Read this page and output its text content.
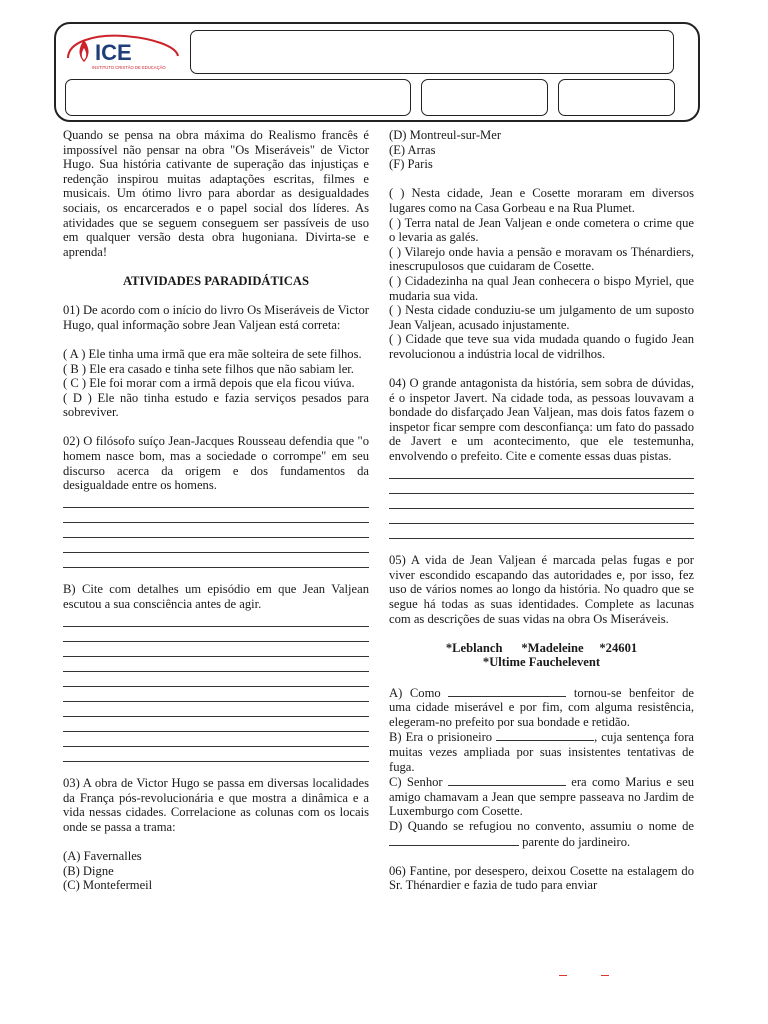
ICE
INSTITUTO CRISTÃO DE EDUCAÇÃO

Quando se pensa na obra máxima do Realismo francês é impossível não pensar na obra "Os Miseráveis" de Victor Hugo. Sua história cativante de superação das injustiças e redenção inspirou muitas adaptações escritas, filmes e musicais. Um ótimo livro para abordar as desigualdades sociais, os encarcerados e o papel social dos líderes. As atividades que se seguem conseguem ser passíveis de uso em qualquer versão desta obra hugoniana. Divirta-se e aprenda!

ATIVIDADES PARADIDÁTICAS

01) De acordo com o início do livro Os Miseráveis de Victor Hugo, qual informação sobre Jean Valjean está correta:

( A ) Ele tinha uma irmã que era mãe solteira de sete filhos.

( B ) Ele era casado e tinha sete filhos que não sabiam ler.

( C ) Ele foi morar com a irmã depois que ela ficou viúva.

( D ) Ele não tinha estudo e fazia serviços pesados para sobreviver.

02) O filósofo suíço Jean-Jacques Rousseau defendia que "o homem nasce bom, mas a sociedade o corrompe" em seu discurso acerca da origem e dos fundamentos da desigualdade entre os homens.

B) Cite com detalhes um episódio em que Jean Valjean escutou a sua consciência antes de agir.

03) A obra de Victor Hugo se passa em diversas localidades da França pós-revolucionária e que mostra a dinâmica e a vida nessas cidades. Correlacione as colunas com os locais onde se passa a trama:

(A) Favernalles

(B) Digne

(C) Montefermeil

(D) Montreul-sur-Mer

(E) Arras

(F) Paris

( ) Nesta cidade, Jean e Cosette moraram em diversos lugares como na Casa Gorbeau e na Rua Plumet.

( ) Terra natal de Jean Valjean e onde cometera o crime que o levaria as galés.

( ) Vilarejo onde havia a pensão e moravam os Thénardiers, inescrupulosos que cuidaram de Cosette.

( ) Cidadezinha na qual Jean conhecera o bispo Myriel, que mudaria sua vida.

( ) Nesta cidade conduziu-se um julgamento de um suposto Jean Valjean, acusado injustamente.

( ) Cidade que teve sua vida mudada quando o fugido Jean revolucionou a indústria local de vidrilhos.

04) O grande antagonista da história, sem sobra de dúvidas, é o inspetor Javert. Na cidade toda, as pessoas louvavam a bondade do disfarçado Jean Valjean, mas dois fatos fazem o inspetor ficar sempre com desconfiança: um fato do passado de Javert e um acontecimento, que ele testemunha, envolvendo o prefeito. Cite e comente essas duas pistas.

05) A vida de Jean Valjean é marcada pelas fugas e por viver escondido escapando das autoridades e, por isso, fez uso de vários nomes ao longo da história. No quadro que se segue há todas as suas identidades. Complete as lacunas com as descrições de suas vidas na obra Os Miseráveis.

*Leblanch      *Madeleine     *24601

*Ultime Fauchelevent

A) Como	tornou-se benfeitor de uma cidade miserável e por fim, com alguma resistência, elegeram-no prefeito por sua bondade e retidão.

B) Era o prisioneiro	, cuja sentença fora muitas vezes ampliada por suas insistentes tentativas de fuga.

C) Senhor	era como Marius e seu amigo chamavam a Jean que sempre passeava no Jardim de Luxemburgo com Cosette.

D) Quando se refugiou no convento, assumiu o nome de  parente do jardineiro.

06) Fantine, por desespero, deixou Cosette na estalagem do Sr. Thénardier e fazia de tudo para enviar
